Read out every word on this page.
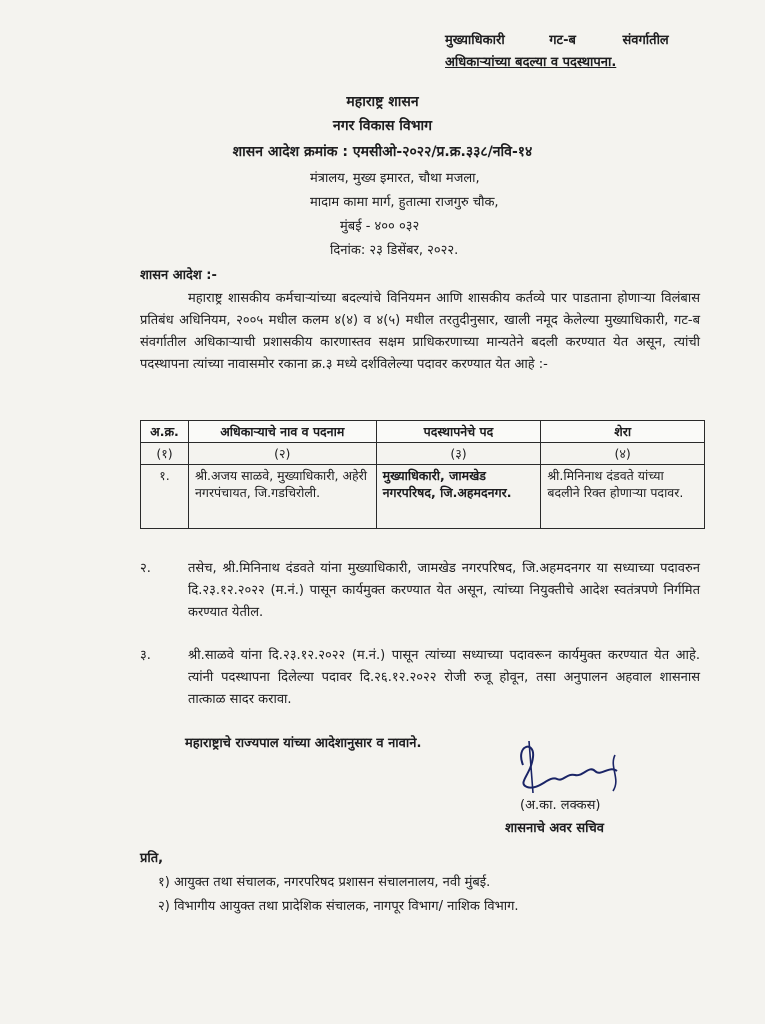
मुख्याधिकारी	गट-ब	संवर्गातील
अधिकाऱ्यांच्या बदल्या व पदस्थापना.
महाराष्ट्र शासन
नगर विकास विभाग
शासन आदेश क्रमांक : एमसीओ-२०२२/प्र.क्र.३३८/नवि-१४
मंत्रालय, मुख्य इमारत, चौथा मजला,
मादाम कामा मार्ग, हुतात्मा राजगुरु चौक,
मुंबई - ४०० ०३२
दिनांक: २३ डिसेंबर, २०२२.
शासन आदेश :-
महाराष्ट्र शासकीय कर्मचाऱ्यांच्या बदल्यांचे विनियमन आणि शासकीय कर्तव्ये पार पाडताना होणाऱ्या विलंबास प्रतिबंध अधिनियम, २००५ मधील कलम ४(४) व ४(५) मधील तरतुदीनुसार, खाली नमूद केलेल्या मुख्याधिकारी, गट-ब संवर्गातील अधिकाऱ्याची प्रशासकीय कारणास्तव सक्षम प्राधिकरणाच्या मान्यतेने बदली करण्यात येत असून, त्यांची पदस्थापना त्यांच्या नावासमोर रकाना क्र.३ मध्ये दर्शविलेल्या पदावर करण्यात येत आहे :-
अ.क्र.	अधिकाऱ्याचे नाव व पदनाम	पदस्थापनेचे पद	शेरा
(१)	(२)	(३)	(४)
१.	श्री.अजय साळवे, मुख्याधिकारी, अहेरी नगरपंचायत, जि.गडचिरोली.	मुख्याधिकारी, जामखेड नगरपरिषद, जि.अहमदनगर.	श्री.मिनिनाथ दंडवते यांच्या बदलीने रिक्त होणाऱ्या पदावर.
२.	तसेच, श्री.मिनिनाथ दंडवते यांना मुख्याधिकारी, जामखेड नगरपरिषद, जि.अहमदनगर या सध्याच्या पदावरुन दि.२३.१२.२०२२ (म.नं.) पासून कार्यमुक्त करण्यात येत असून, त्यांच्या नियुक्तीचे आदेश स्वतंत्रपणे निर्गमित करण्यात येतील.
३.	श्री.साळवे यांना दि.२३.१२.२०२२ (म.नं.) पासून त्यांच्या सध्याच्या पदावरून कार्यमुक्त करण्यात येत आहे. त्यांनी पदस्थापना दिलेल्या पदावर दि.२६.१२.२०२२ रोजी रुजू होवून, तसा अनुपालन अहवाल शासनास तात्काळ सादर करावा.
महाराष्ट्राचे राज्यपाल यांच्या आदेशानुसार व नावाने.
(अ.का. लक्कस)
शासनाचे अवर सचिव
प्रति,
१) आयुक्त तथा संचालक, नगरपरिषद प्रशासन संचालनालय, नवी मुंबई.
२) विभागीय आयुक्त तथा प्रादेशिक संचालक, नागपूर विभाग/ नाशिक विभाग.
